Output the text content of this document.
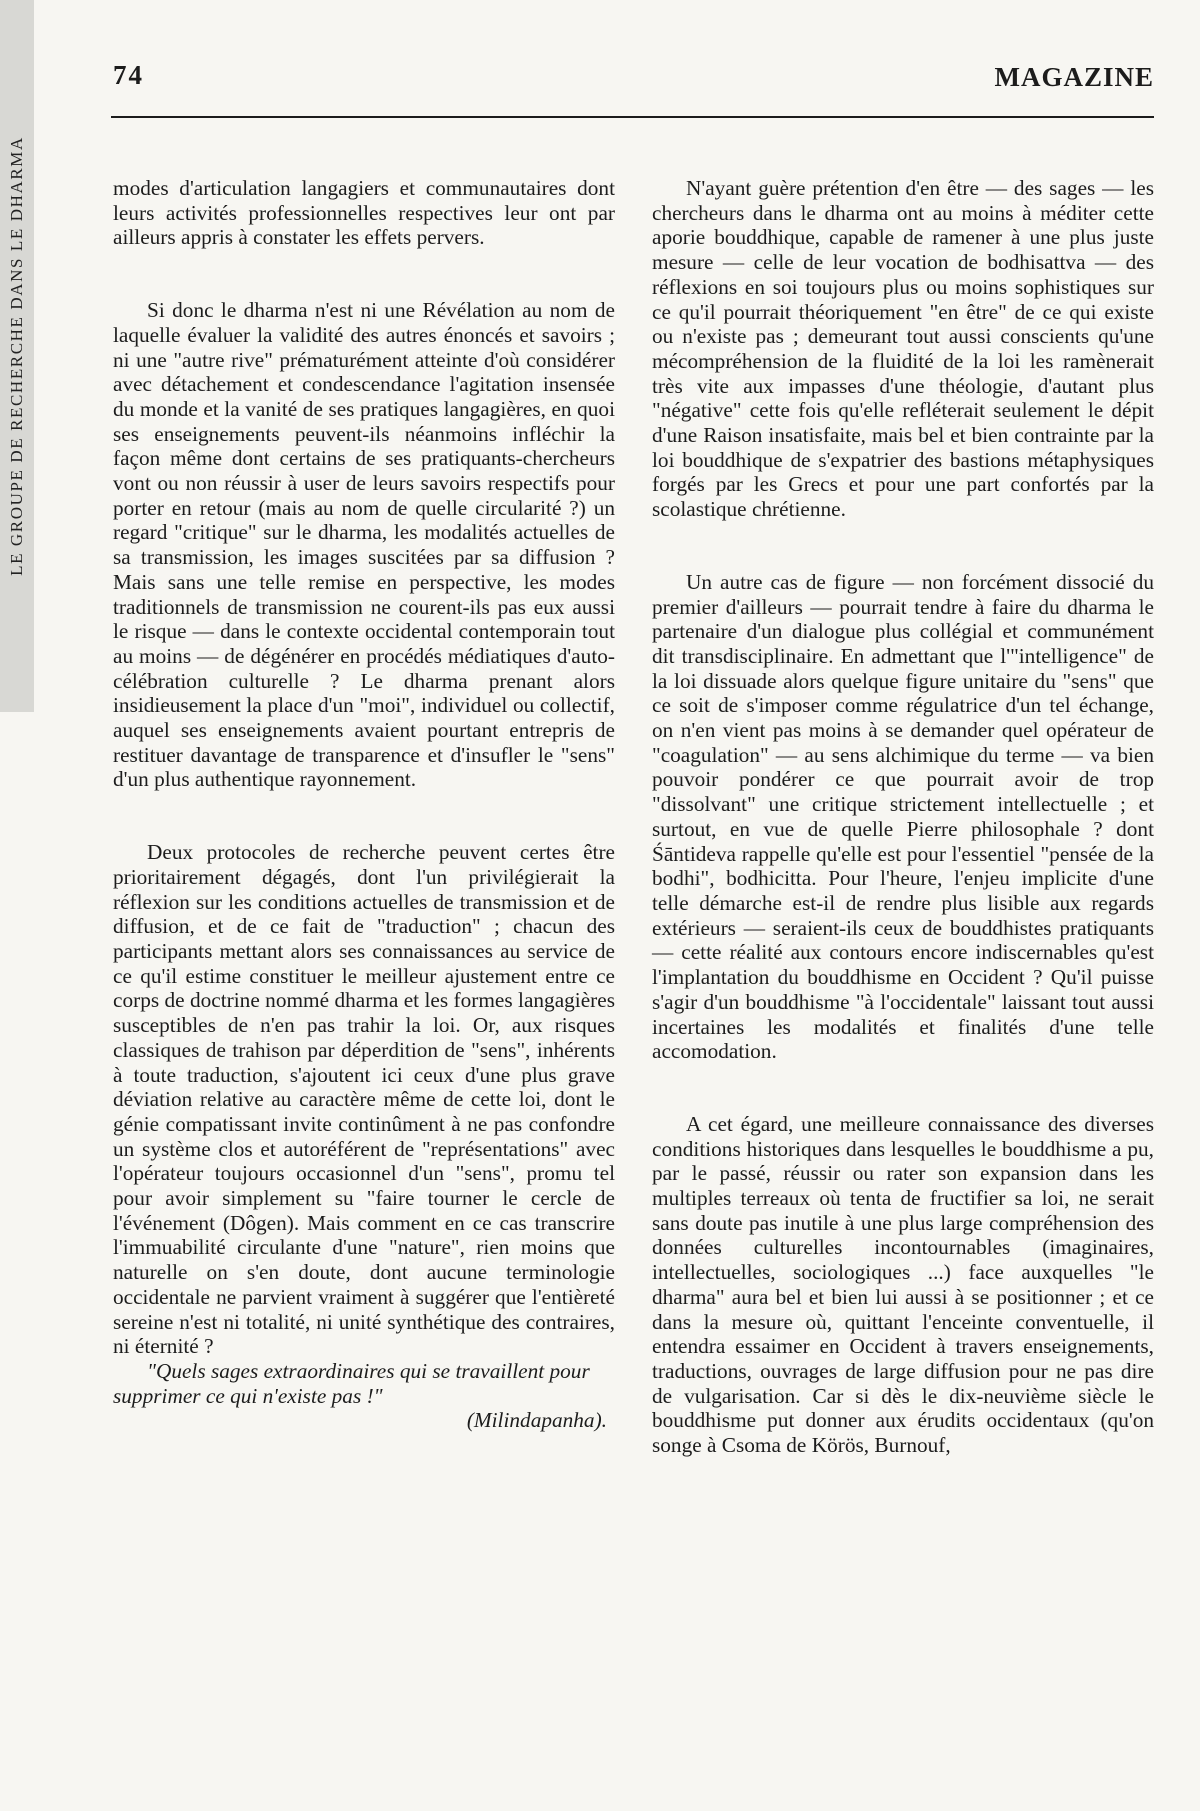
LE GROUPE DE RECHERCHE DANS LE DHARMA
74	MAGAZINE

modes d'articulation langagiers et communautaires dont leurs activités professionnelles respectives leur ont par ailleurs appris à constater les effets pervers.

Si donc le dharma n'est ni une Révélation au nom de laquelle évaluer la validité des autres énoncés et savoirs ; ni une "autre rive" prématurément atteinte d'où considérer avec détachement et condescendance l'agitation insensée du monde et la vanité de ses pratiques langagières, en quoi ses enseignements peuvent-ils néanmoins infléchir la façon même dont certains de ses pratiquants-chercheurs vont ou non réussir à user de leurs savoirs respectifs pour porter en retour (mais au nom de quelle circularité ?) un regard "critique" sur le dharma, les modalités actuelles de sa transmission, les images suscitées par sa diffusion ? Mais sans une telle remise en perspective, les modes traditionnels de transmission ne courent-ils pas eux aussi le risque — dans le contexte occidental contemporain tout au moins — de dégénérer en procédés médiatiques d'auto-célébration culturelle ? Le dharma prenant alors insidieusement la place d'un "moi", individuel ou collectif, auquel ses enseignements avaient pourtant entrepris de restituer davantage de transparence et d'insufler le "sens" d'un plus authentique rayonnement.

Deux protocoles de recherche peuvent certes être prioritairement dégagés, dont l'un privilégierait la réflexion sur les conditions actuelles de transmission et de diffusion, et de ce fait de "traduction" ; chacun des participants mettant alors ses connaissances au service de ce qu'il estime constituer le meilleur ajustement entre ce corps de doctrine nommé dharma et les formes langagières susceptibles de n'en pas trahir la loi. Or, aux risques classiques de trahison par déperdition de "sens", inhérents à toute traduction, s'ajoutent ici ceux d'une plus grave déviation relative au caractère même de cette loi, dont le génie compatissant invite continûment à ne pas confondre un système clos et autoréférent de "représentations" avec l'opérateur toujours occasionnel d'un "sens", promu tel pour avoir simplement su "faire tourner le cercle de l'événement (Dôgen). Mais comment en ce cas transcrire l'immuabilité circulante d'une "nature", rien moins que naturelle on s'en doute, dont aucune terminologie occidentale ne parvient vraiment à suggérer que l'entièreté sereine n'est ni totalité, ni unité synthétique des contraires, ni éternité ?

"Quels sages extraordinaires qui se travaillent pour supprimer ce qui n'existe pas !"

(Milindapanha).

N'ayant guère prétention d'en être — des sages — les chercheurs dans le dharma ont au moins à méditer cette aporie bouddhique, capable de ramener à une plus juste mesure — celle de leur vocation de bodhisattva — des réflexions en soi toujours plus ou moins sophistiques sur ce qu'il pourrait théoriquement "en être" de ce qui existe ou n'existe pas ; demeurant tout aussi conscients qu'une mécompréhension de la fluidité de la loi les ramènerait très vite aux impasses d'une théologie, d'autant plus "négative" cette fois qu'elle refléterait seulement le dépit d'une Raison insatisfaite, mais bel et bien contrainte par la loi bouddhique de s'expatrier des bastions métaphysiques forgés par les Grecs et pour une part confortés par la scolastique chrétienne.

Un autre cas de figure — non forcément dissocié du premier d'ailleurs — pourrait tendre à faire du dharma le partenaire d'un dialogue plus collégial et communément dit transdisciplinaire. En admettant que l'"intelligence" de la loi dissuade alors quelque figure unitaire du "sens" que ce soit de s'imposer comme régulatrice d'un tel échange, on n'en vient pas moins à se demander quel opérateur de "coagulation" — au sens alchimique du terme — va bien pouvoir pondérer ce que pourrait avoir de trop "dissolvant" une critique strictement intellectuelle ; et surtout, en vue de quelle Pierre philosophale ? dont Śāntideva rappelle qu'elle est pour l'essentiel "pensée de la bodhi", bodhicitta. Pour l'heure, l'enjeu implicite d'une telle démarche est-il de rendre plus lisible aux regards extérieurs — seraient-ils ceux de bouddhistes pratiquants — cette réalité aux contours encore indiscernables qu'est l'implantation du bouddhisme en Occident ? Qu'il puisse s'agir d'un bouddhisme "à l'occidentale" laissant tout aussi incertaines les modalités et finalités d'une telle accomodation.

A cet égard, une meilleure connaissance des diverses conditions historiques dans lesquelles le bouddhisme a pu, par le passé, réussir ou rater son expansion dans les multiples terreaux où tenta de fructifier sa loi, ne serait sans doute pas inutile à une plus large compréhension des données culturelles incontournables (imaginaires, intellectuelles, sociologiques ...) face auxquelles "le dharma" aura bel et bien lui aussi à se positionner ; et ce dans la mesure où, quittant l'enceinte conventuelle, il entendra essaimer en Occident à travers enseignements, traductions, ouvrages de large diffusion pour ne pas dire de vulgarisation. Car si dès le dix-neuvième siècle le bouddhisme put donner aux érudits occidentaux (qu'on songe à Csoma de Körös, Burnouf,
